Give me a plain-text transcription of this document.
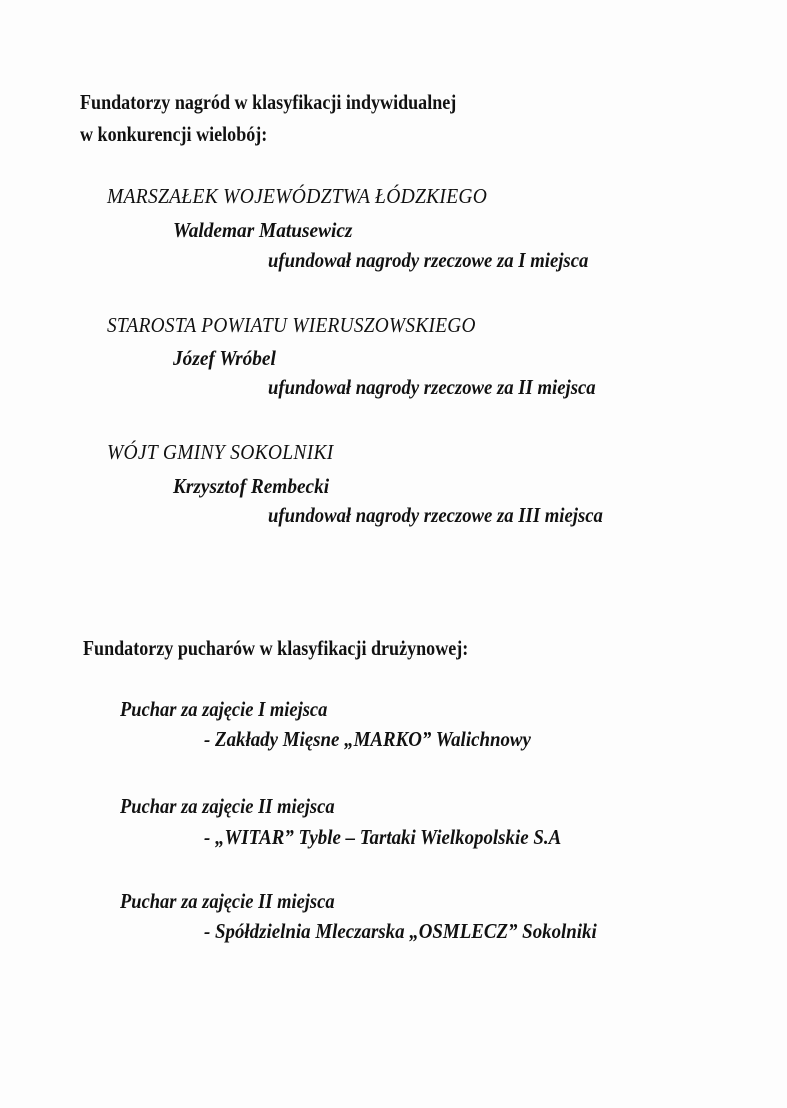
Fundatorzy nagród w klasyfikacji indywidualnej

w konkurencji wielobój:

MARSZAŁEK WOJEWÓDZTWA ŁÓDZKIEGO

Waldemar Matusewicz

ufundował nagrody rzeczowe za I miejsca

STAROSTA POWIATU WIERUSZOWSKIEGO

Józef Wróbel

ufundował nagrody rzeczowe za II miejsca

WÓJT GMINY SOKOLNIKI

Krzysztof Rembecki

ufundował nagrody rzeczowe za III miejsca

Fundatorzy pucharów w klasyfikacji drużynowej:

Puchar za zajęcie I miejsca

- Zakłady Mięsne „MARKO” Walichnowy

Puchar za zajęcie II miejsca

- „WITAR” Tyble – Tartaki Wielkopolskie S.A

Puchar za zajęcie II miejsca

- Spółdzielnia Mleczarska „OSMLECZ” Sokolniki
